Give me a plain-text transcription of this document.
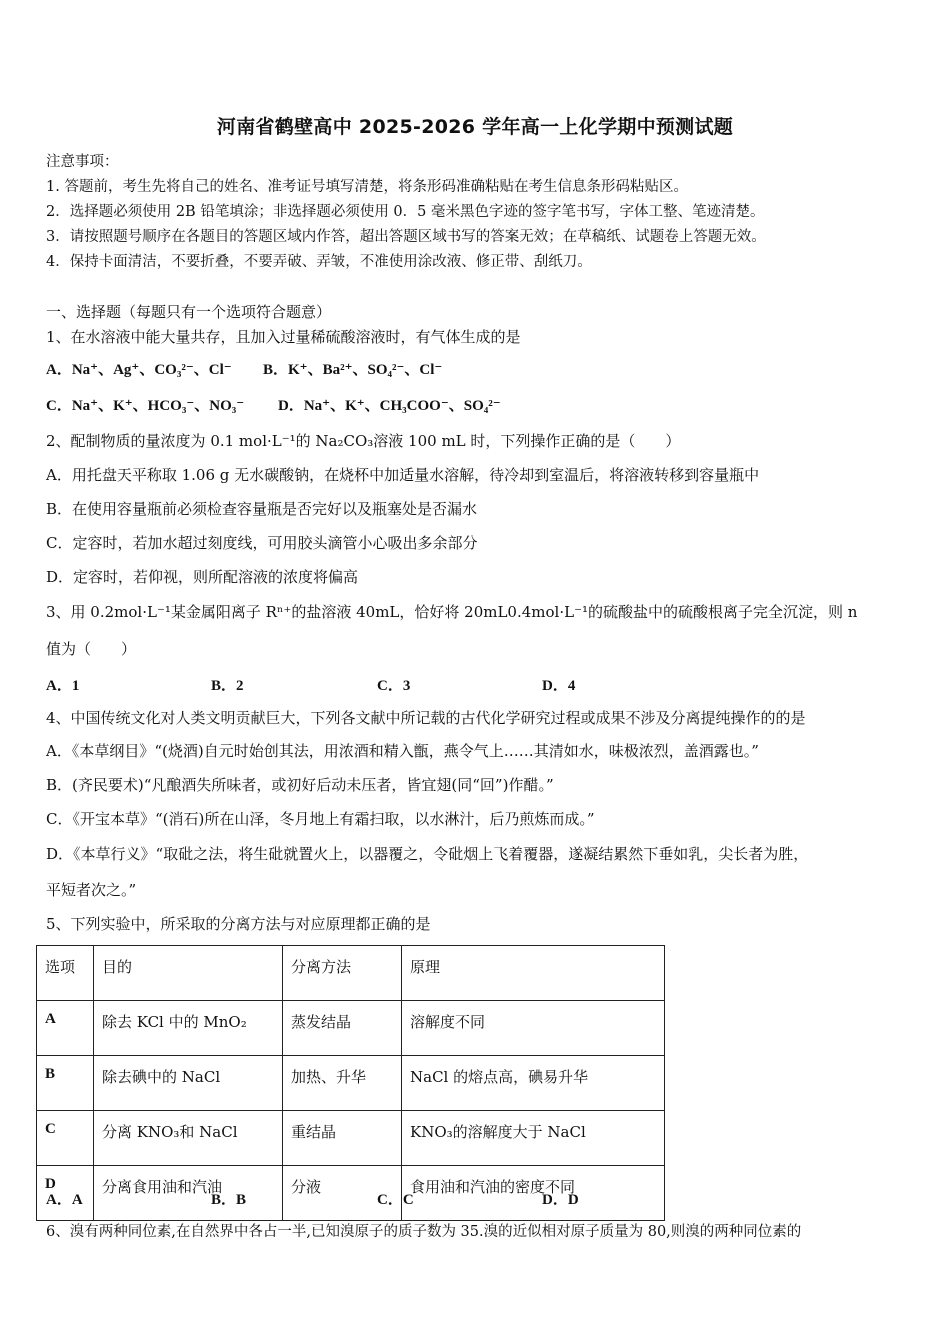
河南省鹤壁高中 2025-2026 学年高一上化学期中预测试题
注意事项：
1. 答题前，考生先将自己的姓名、准考证号填写清楚，将条形码准确粘贴在考生信息条形码粘贴区。
2．选择题必须使用 2B 铅笔填涂；非选择题必须使用 0．5 毫米黑色字迹的签字笔书写，字体工整、笔迹清楚。
3．请按照题号顺序在各题目的答题区域内作答，超出答题区域书写的答案无效；在草稿纸、试题卷上答题无效。
4．保持卡面清洁，不要折叠，不要弄破、弄皱，不准使用涂改液、修正带、刮纸刀。
一、选择题（每题只有一个选项符合题意）
1、在水溶液中能大量共存，且加入过量稀硫酸溶液时，有气体生成的是
A．Na⁺、Ag⁺、CO₃²⁻、Cl⁻ B．K⁺、Ba²⁺、SO₄²⁻、Cl⁻
C．Na⁺、K⁺、HCO₃⁻、NO₃⁻ D．Na⁺、K⁺、CH₃COO⁻、SO₄²⁻
2、配制物质的量浓度为 0.1 mol·L⁻¹的 Na₂CO₃溶液 100 mL 时，下列操作正确的是（　　）
A．用托盘天平称取 1.06 g 无水碳酸钠，在烧杯中加适量水溶解，待冷却到室温后，将溶液转移到容量瓶中
B．在使用容量瓶前必须检查容量瓶是否完好以及瓶塞处是否漏水
C．定容时，若加水超过刻度线，可用胶头滴管小心吸出多余部分
D．定容时，若仰视，则所配溶液的浓度将偏高
3、用 0.2mol·L⁻¹某金属阳离子 Rⁿ⁺的盐溶液 40mL，恰好将 20mL0.4mol·L⁻¹的硫酸盐中的硫酸根离子完全沉淀，则 n
值为（　　）
A．1	B．2	C．3	D．4
4、中国传统文化对人类文明贡献巨大，下列各文献中所记载的古代化学研究过程或成果不涉及分离提纯操作的的是
A．《本草纲目》“(烧酒)自元时始创其法，用浓酒和精入甑，燕令气上……其清如水，味极浓烈，盖酒露也。”
B．(齐民要术)“凡酿酒失所味者，或初好后动未压者，皆宜翅(同“回”)作醋。”
C．《开宝本草》“(消石)所在山泽，冬月地上有霜扫取，以水淋汁，后乃煎炼而成。”
D．《本草行义》“取砒之法，将生砒就置火上，以器覆之，令砒烟上飞着覆器，遂凝结累然下垂如乳，尖长者为胜，
平短者次之。”
5、下列实验中，所采取的分离方法与对应原理都正确的是
选项	目的	分离方法	原理
A	除去 KCl 中的 MnO₂	蒸发结晶	溶解度不同
B	除去碘中的 NaCl	加热、升华	NaCl 的熔点高，碘易升华
C	分离 KNO₃和 NaCl	重结晶	KNO₃的溶解度大于 NaCl
D	分离食用油和汽油	分液	食用油和汽油的密度不同
A．A	B．B	C．C	D．D
6、溴有两种同位素,在自然界中各占一半,已知溴原子的质子数为 35.溴的近似相对原子质量为 80,则溴的两种同位素的
